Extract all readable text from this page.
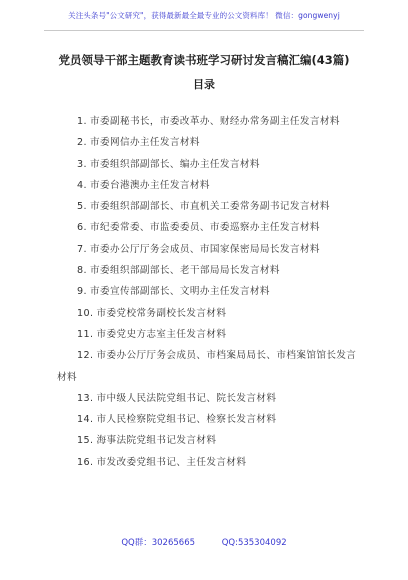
关注头条号"公文研究"，获得最新最全最专业的公文资料库！ 微信：gongwenyj
党员领导干部主题教育读书班学习研讨发言稿汇编(43篇)
目录

1. 市委副秘书长，市委改革办、财经办常务副主任发言材料

2. 市委网信办主任发言材料

3. 市委组织部副部长、编办主任发言材料

4. 市委台港澳办主任发言材料

5. 市委组织部副部长、市直机关工委常务副书记发言材料

6. 市纪委常委、市监委委员、市委巡察办主任发言材料

7. 市委办公厅厅务会成员、市国家保密局局长发言材料

8. 市委组织部副部长、老干部局局长发言材料

9. 市委宣传部副部长、文明办主任发言材料

10. 市委党校常务副校长发言材料

11. 市委党史方志室主任发言材料

12. 市委办公厅厅务会成员、市档案局局长、市档案馆馆长发言材料

13. 市中级人民法院党组书记、院长发言材料

14. 市人民检察院党组书记、检察长发言材料

15. 海事法院党组书记发言材料

16. 市发改委党组书记、主任发言材料

QQ群：30265665	QQ:535304092
